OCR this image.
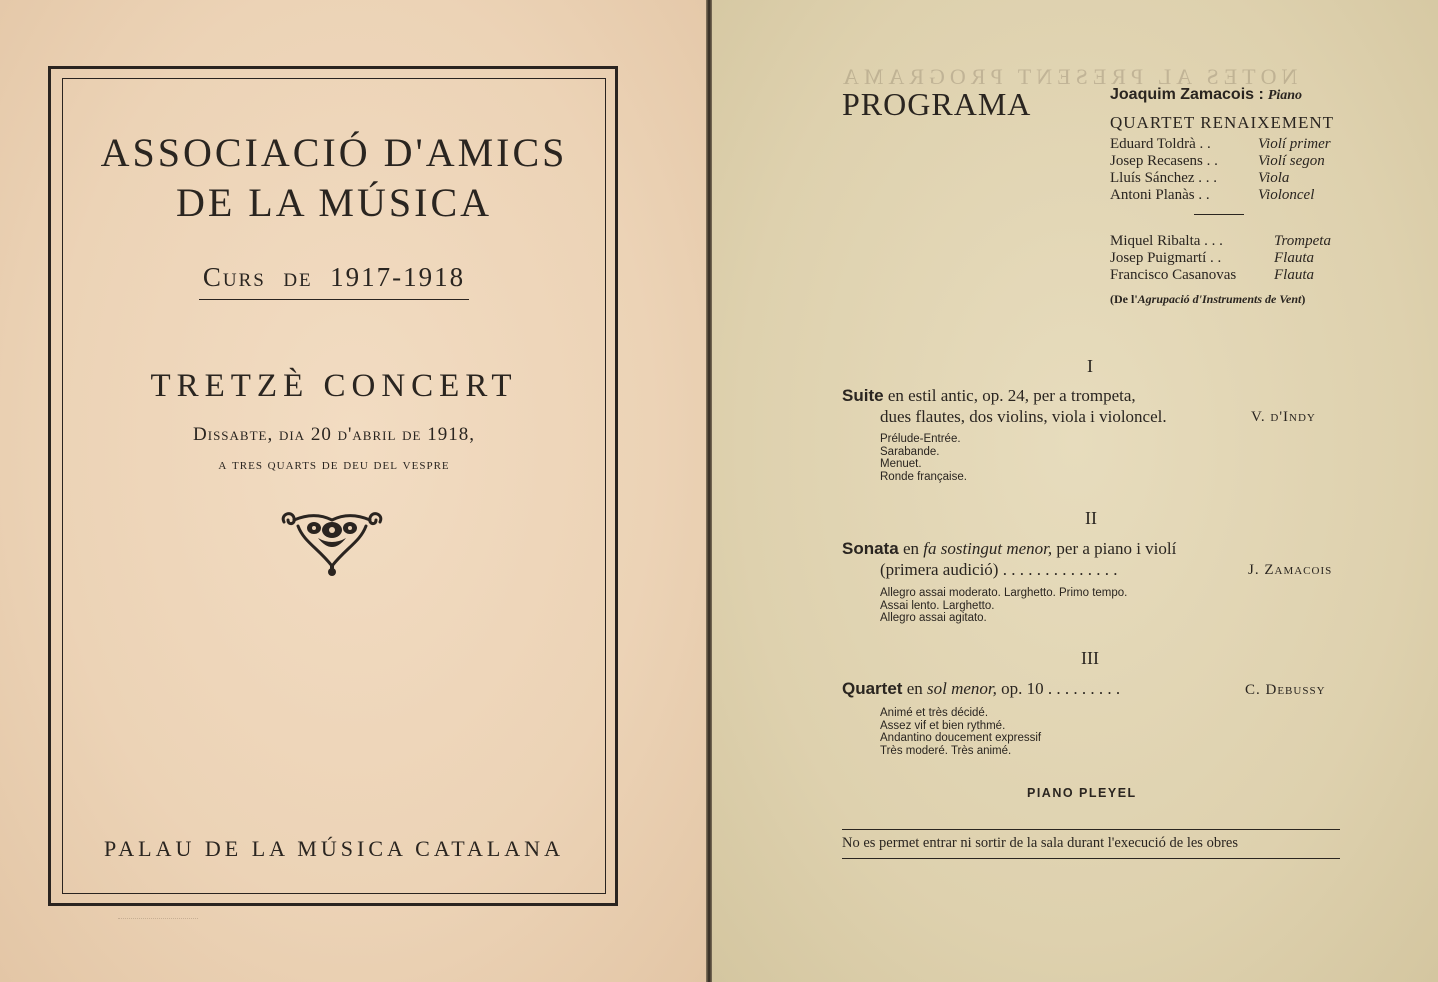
ASSOCIACIÓ D'AMICS
DE LA MÚSICA
Curs de 1917-1918
TRETZÈ CONCERT
Dissabte, dia 20 d'abril de 1918,
a tres quarts de deu del vespre
PALAU DE LA MÚSICA CATALANA
NOTES AL PRESENT PROGRAMA
PROGRAMA	Joaquim Zamacois : Piano
QUARTET RENAIXEMENT
Eduard Toldrà . .	Violí primer
Josep Recasens . .	Violí segon
Lluís Sánchez . . .	Viola
Antoni Planàs . .	Violoncel
Miquel Ribalta . . .	Trompeta
Josep Puigmartí . .	Flauta
Francisco Casanovas	Flauta
(De l'Agrupació d'Instruments de Vent)
I
Suite en estil antic, op. 24, per a trompeta,
dues flautes, dos violins, viola i violoncel.	V. d'Indy
Prélude-Entrée.
Sarabande.
Menuet.
Ronde française.
II
Sonata en fa sostingut menor, per a piano i violí
(primera audició) . . . . . . . . . . . . . .	J. Zamacois
Allegro assai moderato. Larghetto. Primo tempo.
Assai lento. Larghetto.
Allegro assai agitato.
III
Quartet en sol menor, op. 10 . . . . . . . . .	C. Debussy
Animé et très décidé.
Assez vif et bien rythmé.
Andantino doucement expressif
Très moderé. Très animé.
PIANO PLEYEL
No es permet entrar ni sortir de la sala durant l'execució de les obres
